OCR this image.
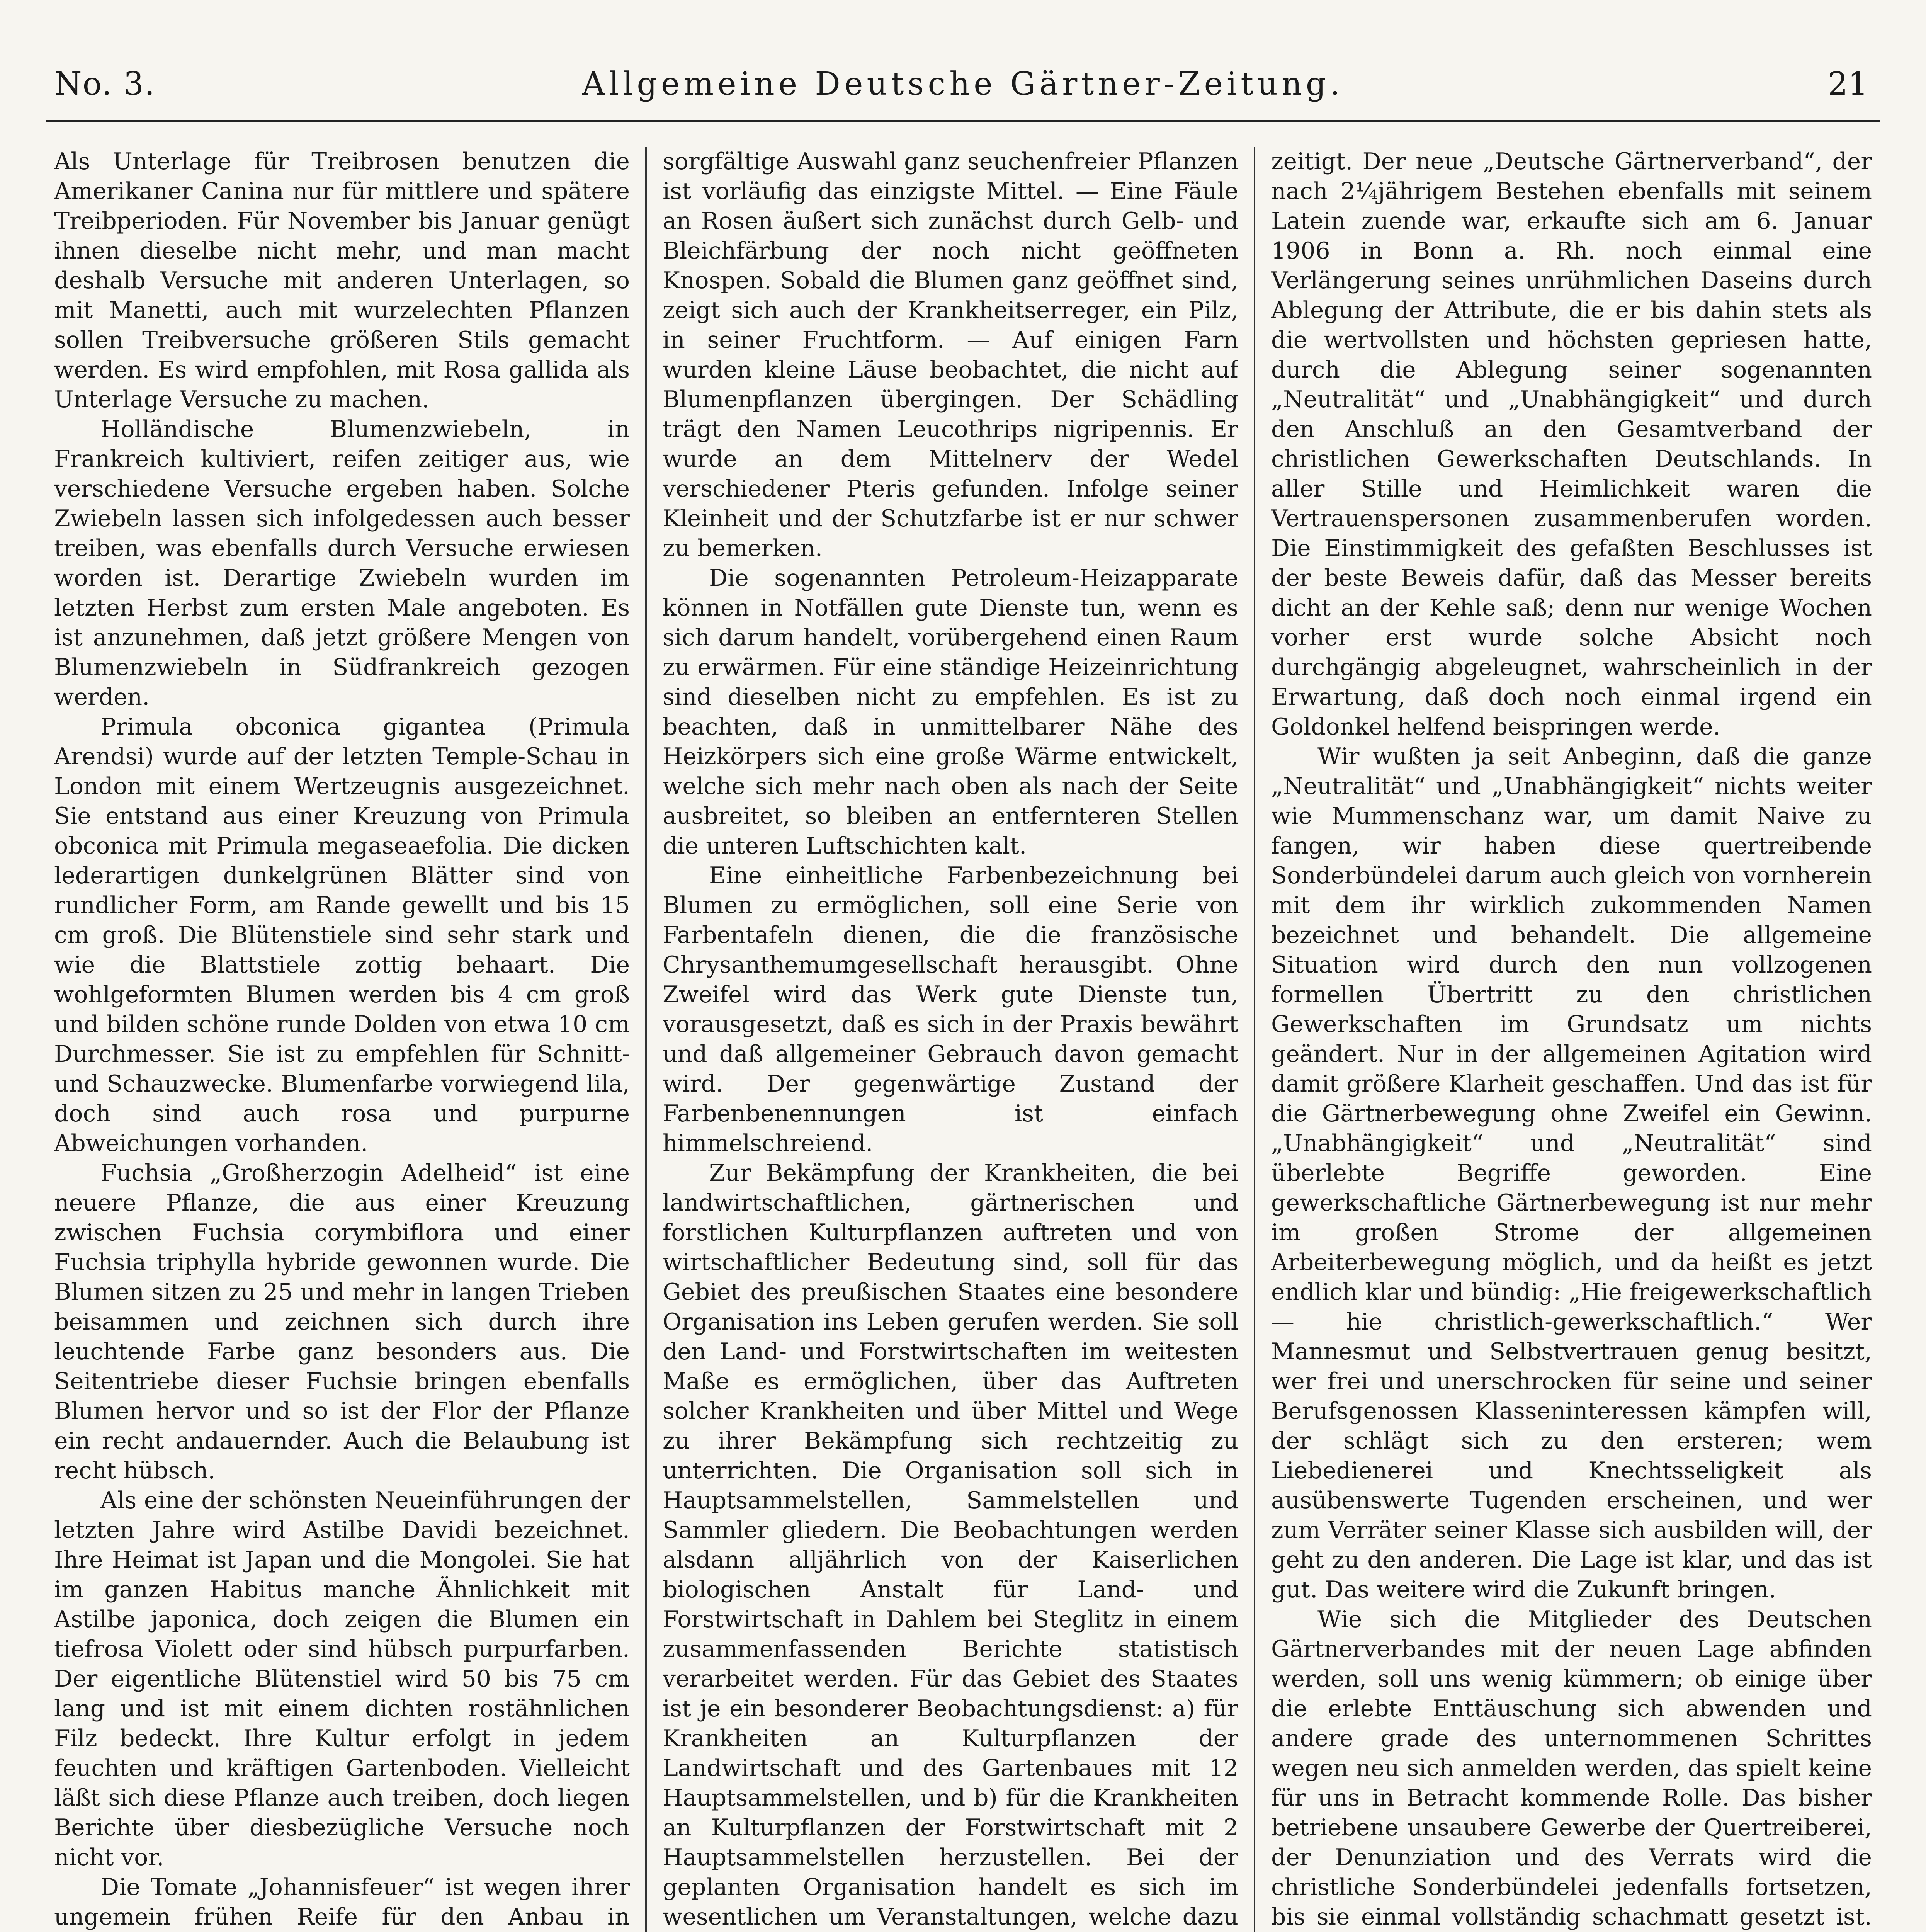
No. 3.	Allgemeine Deutsche Gärtner-Zeitung.	21

Als Unterlage für Treibrosen benutzen die Amerikaner Canina nur für mittlere und spätere Treibperioden. Für November bis Januar genügt ihnen dieselbe nicht mehr, und man macht deshalb Versuche mit anderen Unterlagen, so mit Manetti, auch mit wurzelechten Pflanzen sollen Treibversuche größeren Stils gemacht werden. Es wird empfohlen, mit Rosa gallida als Unterlage Versuche zu machen.

Holländische Blumenzwiebeln, in Frankreich kultiviert, reifen zeitiger aus, wie verschiedene Versuche ergeben haben. Solche Zwiebeln lassen sich infolgedessen auch besser treiben, was ebenfalls durch Versuche erwiesen worden ist. Derartige Zwiebeln wurden im letzten Herbst zum ersten Male angeboten. Es ist anzunehmen, daß jetzt größere Mengen von Blumenzwiebeln in Südfrankreich gezogen werden.

Primula obconica gigantea (Primula Arendsi) wurde auf der letzten Temple-Schau in London mit einem Wertzeugnis ausgezeichnet. Sie entstand aus einer Kreuzung von Primula obconica mit Primula megaseaefolia. Die dicken lederartigen dunkelgrünen Blätter sind von rundlicher Form, am Rande gewellt und bis 15 cm groß. Die Blütenstiele sind sehr stark und wie die Blattstiele zottig behaart. Die wohlgeformten Blumen werden bis 4 cm groß und bilden schöne runde Dolden von etwa 10 cm Durchmesser. Sie ist zu empfehlen für Schnitt- und Schauzwecke. Blumenfarbe vorwiegend lila, doch sind auch rosa und purpurne Abweichungen vorhanden.

Fuchsia „Großherzogin Adelheid“ ist eine neuere Pflanze, die aus einer Kreuzung zwischen Fuchsia corymbiflora und einer Fuchsia triphylla hybride gewonnen wurde. Die Blumen sitzen zu 25 und mehr in langen Trieben beisammen und zeichnen sich durch ihre leuchtende Farbe ganz besonders aus. Die Seitentriebe dieser Fuchsie bringen ebenfalls Blumen hervor und so ist der Flor der Pflanze ein recht andauernder. Auch die Belaubung ist recht hübsch.

Als eine der schönsten Neueinführungen der letzten Jahre wird Astilbe Davidi bezeichnet. Ihre Heimat ist Japan und die Mongolei. Sie hat im ganzen Habitus manche Ähnlichkeit mit Astilbe japonica, doch zeigen die Blumen ein tiefrosa Violett oder sind hübsch purpurfarben. Der eigentliche Blütenstiel wird 50 bis 75 cm lang und ist mit einem dichten rostähnlichen Filz bedeckt. Ihre Kultur erfolgt in jedem feuchten und kräftigen Gartenboden. Vielleicht läßt sich diese Pflanze auch treiben, doch liegen Berichte über diesbezügliche Versuche noch nicht vor.

Die Tomate „Johannisfeuer“ ist wegen ihrer ungemein frühen Reife für den Anbau in

sorgfältige Auswahl ganz seuchenfreier Pflanzen ist vorläufig das einzigste Mittel. — Eine Fäule an Rosen äußert sich zunächst durch Gelb- und Bleichfärbung der noch nicht geöffneten Knospen. Sobald die Blumen ganz geöffnet sind, zeigt sich auch der Krankheitserreger, ein Pilz, in seiner Fruchtform. — Auf einigen Farn wurden kleine Läuse beobachtet, die nicht auf Blumenpflanzen übergingen. Der Schädling trägt den Namen Leucothrips nigripennis. Er wurde an dem Mittelnerv der Wedel verschiedener Pteris gefunden. Infolge seiner Kleinheit und der Schutzfarbe ist er nur schwer zu bemerken.

Die sogenannten Petroleum-Heizapparate können in Notfällen gute Dienste tun, wenn es sich darum handelt, vorübergehend einen Raum zu erwärmen. Für eine ständige Heizeinrichtung sind dieselben nicht zu empfehlen. Es ist zu beachten, daß in unmittelbarer Nähe des Heizkörpers sich eine große Wärme entwickelt, welche sich mehr nach oben als nach der Seite ausbreitet, so bleiben an entfernteren Stellen die unteren Luftschichten kalt.

Eine einheitliche Farbenbezeichnung bei Blumen zu ermöglichen, soll eine Serie von Farbentafeln dienen, die die französische Chrysanthemumgesellschaft herausgibt. Ohne Zweifel wird das Werk gute Dienste tun, vorausgesetzt, daß es sich in der Praxis bewährt und daß allgemeiner Gebrauch davon gemacht wird. Der gegenwärtige Zustand der Farbenbenennungen ist einfach himmelschreiend.

Zur Bekämpfung der Krankheiten, die bei landwirtschaftlichen, gärtnerischen und forstlichen Kulturpflanzen auftreten und von wirtschaftlicher Bedeutung sind, soll für das Gebiet des preußischen Staates eine besondere Organisation ins Leben gerufen werden. Sie soll den Land- und Forstwirtschaften im weitesten Maße es ermöglichen, über das Auftreten solcher Krankheiten und über Mittel und Wege zu ihrer Bekämpfung sich rechtzeitig zu unterrichten. Die Organisation soll sich in Hauptsammelstellen, Sammelstellen und Sammler gliedern. Die Beobachtungen werden alsdann alljährlich von der Kaiserlichen biologischen Anstalt für Land- und Forstwirtschaft in Dahlem bei Steglitz in einem zusammenfassenden Berichte statistisch verarbeitet werden. Für das Gebiet des Staates ist je ein besonderer Beobachtungsdienst: a) für Krankheiten an Kulturpflanzen der Landwirtschaft und des Gartenbaues mit 12 Hauptsammelstellen, und b) für die Krankheiten an Kulturpflanzen der Forstwirtschaft mit 2 Hauptsammelstellen herzustellen. Bei der geplanten Organisation handelt es sich im wesentlichen um Veranstaltungen, welche dazu

zeitigt. Der neue „Deutsche Gärtnerverband“, der nach 2¼jährigem Bestehen ebenfalls mit seinem Latein zuende war, erkaufte sich am 6. Januar 1906 in Bonn a. Rh. noch einmal eine Verlängerung seines unrühmlichen Daseins durch Ablegung der Attribute, die er bis dahin stets als die wertvollsten und höchsten gepriesen hatte, durch die Ablegung seiner sogenannten „Neutralität“ und „Unabhängigkeit“ und durch den Anschluß an den Gesamtverband der christlichen Gewerkschaften Deutschlands. In aller Stille und Heimlichkeit waren die Vertrauenspersonen zusammenberufen worden. Die Einstimmigkeit des gefaßten Beschlusses ist der beste Beweis dafür, daß das Messer bereits dicht an der Kehle saß; denn nur wenige Wochen vorher erst wurde solche Absicht noch durchgängig abgeleugnet, wahrscheinlich in der Erwartung, daß doch noch einmal irgend ein Goldonkel helfend beispringen werde.

Wir wußten ja seit Anbeginn, daß die ganze „Neutralität“ und „Unabhängigkeit“ nichts weiter wie Mummenschanz war, um damit Naive zu fangen, wir haben diese quertreibende Sonderbündelei darum auch gleich von vornherein mit dem ihr wirklich zukommenden Namen bezeichnet und behandelt. Die allgemeine Situation wird durch den nun vollzogenen formellen Übertritt zu den christlichen Gewerkschaften im Grundsatz um nichts geändert. Nur in der allgemeinen Agitation wird damit größere Klarheit geschaffen. Und das ist für die Gärtnerbewegung ohne Zweifel ein Gewinn. „Unabhängigkeit“ und „Neutralität“ sind überlebte Begriffe geworden. Eine gewerkschaftliche Gärtnerbewegung ist nur mehr im großen Strome der allgemeinen Arbeiterbewegung möglich, und da heißt es jetzt endlich klar und bündig: „Hie freigewerkschaftlich — hie christlich-gewerkschaftlich.“ Wer Mannesmut und Selbstvertrauen genug besitzt, wer frei und unerschrocken für seine und seiner Berufsgenossen Klasseninteressen kämpfen will, der schlägt sich zu den ersteren; wem Liebedienerei und Knechtsseligkeit als ausübenswerte Tugenden erscheinen, und wer zum Verräter seiner Klasse sich ausbilden will, der geht zu den anderen. Die Lage ist klar, und das ist gut. Das weitere wird die Zukunft bringen.

Wie sich die Mitglieder des Deutschen Gärtnerverbandes mit der neuen Lage abfinden werden, soll uns wenig kümmern; ob einige über die erlebte Enttäuschung sich abwenden und andere grade des unternommenen Schrittes wegen neu sich anmelden werden, das spielt keine für uns in Betracht kommende Rolle. Das bisher betriebene unsaubere Gewerbe der Quertreiberei, der Denunziation und des Verrats wird die christliche Sonderbündelei jedenfalls fortsetzen, bis sie einmal vollständig schachmatt gesetzt ist.
